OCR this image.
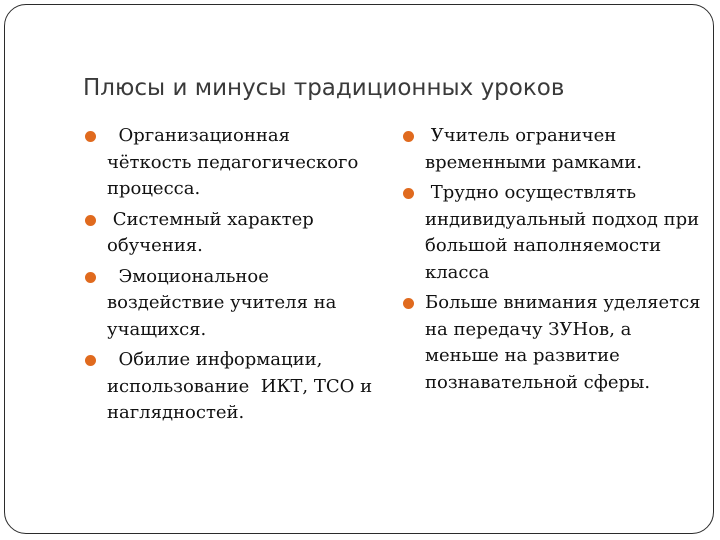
Плюсы и минусы традиционных уроков
Организационная чёткость педагогического процесса.
Системный характер обучения.
Эмоциональное воздействие учителя на учащихся.
Обилие информации, использование  ИКТ, ТСО и наглядностей.
Учитель ограничен временными рамками.
Трудно осуществлять индивидуальный подход при большой наполняемости класса
Больше внимания уделяется на передачу ЗУНов, а меньше на развитие познавательной сферы.
